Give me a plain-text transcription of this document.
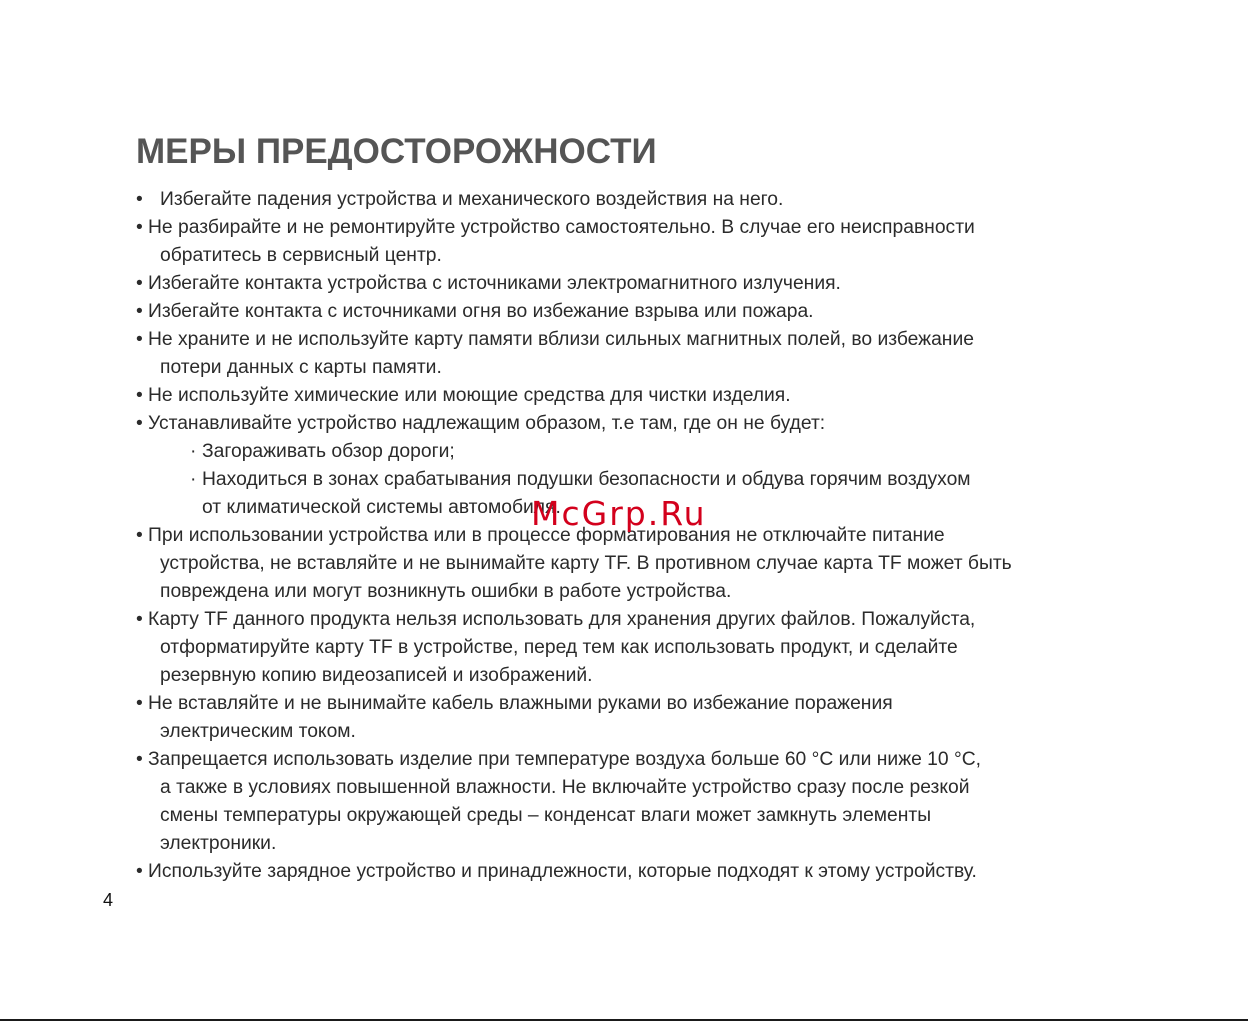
МЕРЫ ПРЕДОСТОРОЖНОСТИ
• Избегайте падения устройства и механического воздействия на него.
• Не разбирайте и не ремонтируйте устройство самостоятельно. В случае его неисправности
обратитесь в сервисный центр.
• Избегайте контакта устройства с источниками электромагнитного излучения.
• Избегайте контакта с источниками огня во избежание взрыва или пожара.
• Не храните и не используйте карту памяти вблизи сильных магнитных полей, во избежание
потери данных с карты памяти.
• Не используйте химические или моющие средства для чистки изделия.
• Устанавливайте устройство надлежащим образом, т.е там, где он не будет:
· Загораживать обзор дороги;
· Находиться в зонах срабатывания подушки безопасности и обдува горячим воздухом
от климатической системы автомобиля.
• При использовании устройства или в процессе форматирования не отключайте питание
устройства, не вставляйте и не вынимайте карту TF. В противном случае карта TF может быть
повреждена или могут возникнуть ошибки в работе устройства.
• Карту TF данного продукта нельзя использовать для хранения других файлов. Пожалуйста,
отформатируйте карту TF в устройстве, перед тем как использовать продукт, и сделайте
резервную копию видеозаписей и изображений.
• Не вставляйте и не вынимайте кабель влажными руками во избежание поражения
электрическим током.
• Запрещается использовать изделие при температуре воздуха больше 60 °С или ниже 10 °С,
а также в условиях повышенной влажности. Не включайте устройство сразу после резкой
смены температуры окружающей среды – конденсат влаги может замкнуть элементы
электроники.
• Используйте зарядное устройство и принадлежности, которые подходят к этому устройству.
McGrp.Ru
4
